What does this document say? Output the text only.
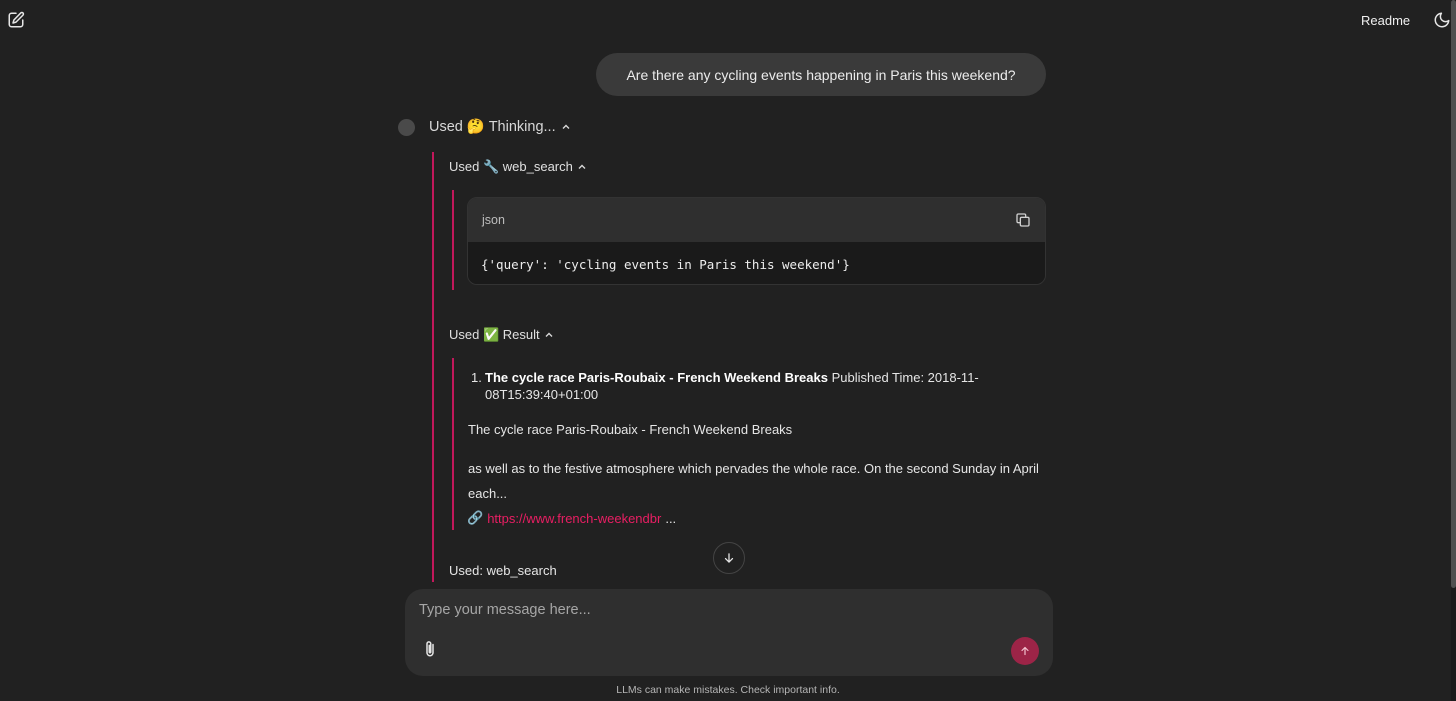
Readme
Are there any cycling events happening in Paris this weekend?
Used 🤔 Thinking...
Used 🔧 web_search
json
{'query': 'cycling events in Paris this weekend'}
Used ✅ Result
1. The cycle race Paris-Roubaix - French Weekend Breaks Published Time: 2018-11-08T15:39:40+01:00
The cycle race Paris-Roubaix - French Weekend Breaks
as well as to the festive atmosphere which pervades the whole race. On the second Sunday in April each...
🔗 https://www.french-weekendbr ...
Used: web_search
Type your message here...
LLMs can make mistakes. Check important info.
